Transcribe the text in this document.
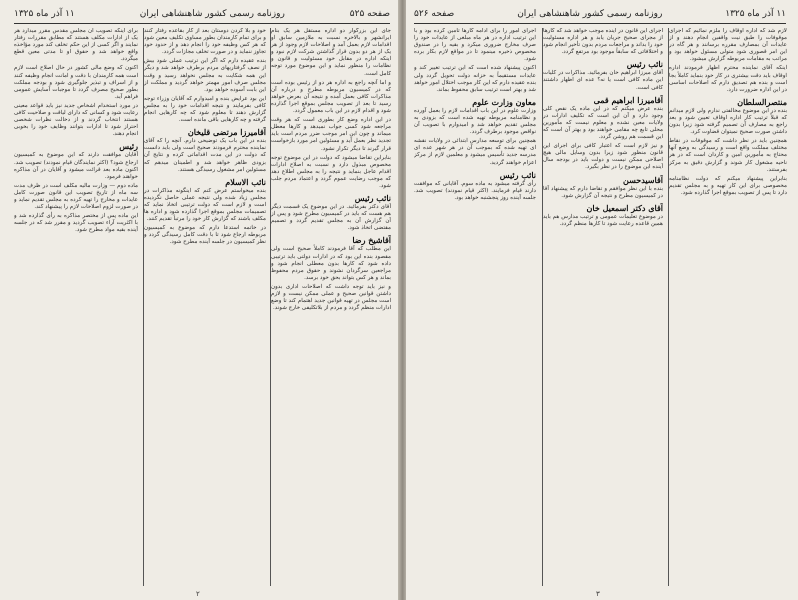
صفحه ۵۲۵
روزنامه رسمی کشور شاهنشاهی ایران
۱۱ آذر ماه ۱۳۲۵

جای این بزرگوار دو اداره مستقل هر یک بنام ایرانشهر و بالاخره نسبت به ملازمین سابق او اقدامات لازم بعمل آمد و اصلاحات لازم وجود از هر یک از هر دو بدون قرار گذاشتن شرکت لازم نبود و اینکه اداره در مقابل خود مسئولیت و قانون و نظامات را منظور نماید و این موضوع مورد توجه کامل است.

و اما آنچه راجع به اداره هر دو از رئیس بوده است که در کمیسیون مربوطه مطرح و درباره آن مذاکرات کافی بعمل آمده و نتیجه آن بعرض خواهد رسید تا بعد از تصویب مجلس بموقع اجرا گذارده شود و اقدام لازم در این باب معمول گردد.

در این اداره وضع کار بطوری است که هر وقت مراجعه شود کسی جواب نمیدهد و کارها معطل میماند و چون این امر موجب ضرر مردم است باید تجدید نظر بعمل آید و مسئولین امر مورد بازخواست قرار گیرند تا دیگر تکرار نشود.

بنابراین تقاضا میشود که دولت در این موضوع توجه مخصوص مبذول دارد و نسبت به اصلاح ادارات اقدام عاجل بنماید و نتیجه را به مجلس اطلاع دهد که موجب رضایت عموم گردد و اعتماد مردم جلب شود.

نائب رئیس

آقای دکتر بفرمائید. در این موضوع یک قسمت دیگر هم هست که باید در کمیسیون مطرح شود و پس از آن گزارش آن به مجلس تقدیم گردد و تصمیم مقتضی اتخاذ شود.

آقاشیخ رضا

این مطلب که آقا فرمودند کاملاً صحیح است ولی مقصود بنده این بود که در ادارات دولتی باید ترتیبی داده شود که کارها بدون معطلی انجام شود و مراجعین سرگردان نشوند و حقوق مردم محفوظ بماند و هر کس بتواند بحق خود برسد.

و نیز باید توجه داشت که اصلاحات اداری بدون داشتن قوانین صحیح و عملی ممکن نیست و لازم است مجلس در تهیه قوانین جدید اهتمام کند تا وضع ادارات منظم گردد و مردم از بلاتکلیفی خارج شوند.

خود و بلا کردن دوستان بعد از کار بقاعده رفتار کنند و برای تمام کارمندان بطور مساوی تکلیف معین شود که هر کس وظیفه خود را انجام دهد و از حدود خود تجاوز ننماید و در صورت تخلف مجازات گردد.

بنده عقیده دارم که اگر این ترتیب عملی شود بیش از نصف گرفتاریهای مردم برطرف خواهد شد و دیگر این همه شکایت به مجلس نخواهد رسید و وقت مجلس صرف امور مهمتر خواهد گردید و مملکت از این بابت آسوده خواهد بود.

این بود عرایض بنده و امیدوارم که آقایان وزراء توجه کافی بفرمایند و نتیجه اقدامات خود را به مجلس گزارش دهند تا معلوم شود که چه کارهایی انجام گرفته و چه کارهایی باقی مانده است.

آقامیرزا مرتضی قلیخان

بنده در این باب یک توضیحی دارم. آنچه را که آقای نماینده محترم فرمودند صحیح است ولی باید دانست که دولت در این مدت اقداماتی کرده و نتایج آن بزودی ظاهر خواهد شد و اطمینان میدهم که مسئولین امر مشغول رسیدگی هستند.

نائب الاسلام

بنده میخواستم عرض کنم که اینگونه مذاکرات در مجلس زیاد شده ولی نتیجه عملی حاصل نگردیده است و لازم است که دولت ترتیبی اتخاذ نماید که تصمیمات مجلس بموقع اجرا گذارده شود و اداره ها مکلف باشند که گزارش کار خود را مرتباً تقدیم کنند.

در خاتمه استدعا دارم که موضوع به کمیسیون مربوطه ارجاع شود تا با دقت کامل رسیدگی گردد و نظر کمیسیون در جلسه آینده مطرح شود.

برای اینکه تصویب آن مجلس مقدس مقرر میدارد هر یک از ادارات مکلف هستند که مطابق مقررات رفتار نمایند و اگر کسی از این حکم تخلف کند مورد مؤاخذه واقع خواهد شد و حقوق او تا مدتی معین قطع میگردد.

اکنون که وضع مالی کشور در حال اصلاح است لازم است همه کارمندان با دقت و امانت انجام وظیفه کنند و از اسراف و تبذیر جلوگیری شود و بودجه مملکت بطور صحیح مصرف گردد تا موجبات آسایش عمومی فراهم آید.

در مورد استخدام اشخاص جدید نیز باید قواعد معینی رعایت شود و کسانی که دارای لیاقت و صلاحیت کافی هستند انتخاب گردند و از دخالت نظرات شخصی احتراز شود تا ادارات بتوانند وظایف خود را بخوبی انجام دهند.

رئیس

آقایان موافقت دارند که این موضوع به کمیسیون ارجاع شود؟ (اکثر نمایندگان قیام نمودند) تصویب شد. اکنون ماده بعد قرائت میشود و آقایان در آن مذاکره خواهند فرمود.

ماده دوم — وزارت مالیه مکلف است در ظرف مدت سه ماه از تاریخ تصویب این قانون صورت کامل عایدات و مخارج را تهیه کرده به مجلس تقدیم نماید و در صورت لزوم اصلاحات لازم را پیشنهاد کند.

این ماده پس از مختصر مذاکره به رأی گذارده شد و با اکثریت آراء تصویب گردید و مقرر شد که در جلسه آینده بقیه مواد مطرح شود.

۲
۱۱ آذر ماه ۱۳۲۵
روزنامه رسمی کشور شاهنشاهی ایران
صفحه ۵۲۶

لازم شد که اداره اوقاف را ملزم نمائیم که اجرای موقوفات را طبق نیت واقفین انجام دهند و از عایدات آن بمصارف مقرره برسانند و هر گاه در این امر قصوری شود متولی مسئول خواهد بود و مراتب به مقامات مربوطه گزارش میشود.

اینکه آقای نماینده محترم اظهار فرمودند اداره اوقاف باید دقت بیشتری در کار خود بنماید کاملاً بجا است و بنده هم تصدیق دارم که اصلاحات اساسی در این اداره ضرورت دارد.

منتصرالسلطان

بنده در این موضوع مخالفتی ندارم ولی لازم میدانم که قبلاً ترتیب کار اداره اوقاف تعیین شود و بعد راجع به مصارف آن تصمیم گرفته شود زیرا بدون داشتن صورت صحیح نمیتوان قضاوت کرد.

همچنین باید در نظر داشت که موقوفات در نقاط مختلف مملکت واقع است و رسیدگی به وضع آنها محتاج به مأمورین امین و کاردان است که در هر ناحیه مشغول کار شوند و گزارش دقیق به مرکز بفرستند.

بنابراین پیشنهاد میکنم که دولت نظامنامه مخصوصی برای این کار تهیه و به مجلس تقدیم دارد تا پس از تصویب بموقع اجرا گذارده شود.

اجرای این قانون در آینده موجب خواهد شد که کارها از مجرای صحیح جریان یابد و هر اداره مسئولیت خود را بداند و مراجعات مردم بدون تأخیر انجام شود و اختلافاتی که سابقاً موجود بود مرتفع گردد.

نائب رئیس

آقای میرزا ابراهیم خان بفرمائید. مذاکرات در کلیات این ماده کافی است یا نه؟ عده ای اظهار داشتند کافی است.

آقامیرزا ابراهیم قمی

بنده عرض میکنم که در این ماده یک نقص کلی وجود دارد و آن این است که تکلیف ادارات در ولایات معین نشده و معلوم نیست که مأمورین محلی تابع چه مقامی خواهند بود و بهتر آن است که این قسمت هم روشن گردد.

و نیز لازم است که اعتبار کافی برای اجرای این قانون منظور شود زیرا بدون وسایل مالی هیچ اصلاحی ممکن نیست و دولت باید در بودجه سال آینده این موضوع را در نظر بگیرد.

آقاسیدحسن

بنده با این نظر موافقم و تقاضا دارم که پیشنهاد آقا در کمیسیون مطرح و نتیجه آن گزارش شود.

آقای دکتر اسمعیل خان

در موضوع تعلیمات عمومی و ترتیب مدارس هم باید همین قاعده رعایت شود تا کارها منظم گردد.

اجرای امور را برای ادامه کارها تأمین کرده بود و با این ترتیب اداره در هر ماه مبلغی از عایدات خود را صرف مخارج ضروری میکرد و بقیه را در صندوق مخصوص ذخیره مینمود تا در مواقع لازم بکار برده شود.

اکنون پیشنهاد شده است که این ترتیب تغییر کند و عایدات مستقیماً به خزانه دولت تحویل گردد ولی بنده عقیده دارم که این کار موجب اختلال امور خواهد شد و بهتر است ترتیب سابق محفوظ بماند.

معاون وزارت علوم

وزارت علوم در این باب اقدامات لازم را بعمل آورده و نظامنامه مربوطه تهیه شده است که بزودی به مجلس تقدیم خواهد شد و امیدوارم با تصویب آن نواقص موجود برطرف گردد.

همچنین برای توسعه مدارس ابتدائی در ولایات نقشه ای تهیه شده که بموجب آن در هر شهر عده ای مدرسه جدید تأسیس میشود و معلمین لازم از مرکز اعزام خواهند گردید.

نائب رئیس

رأی گرفته میشود به ماده سوم. آقایانی که موافقت دارند قیام فرمایند. (اکثر قیام نمودند) تصویب شد. جلسه آینده روز پنجشنبه خواهد بود.

۳
